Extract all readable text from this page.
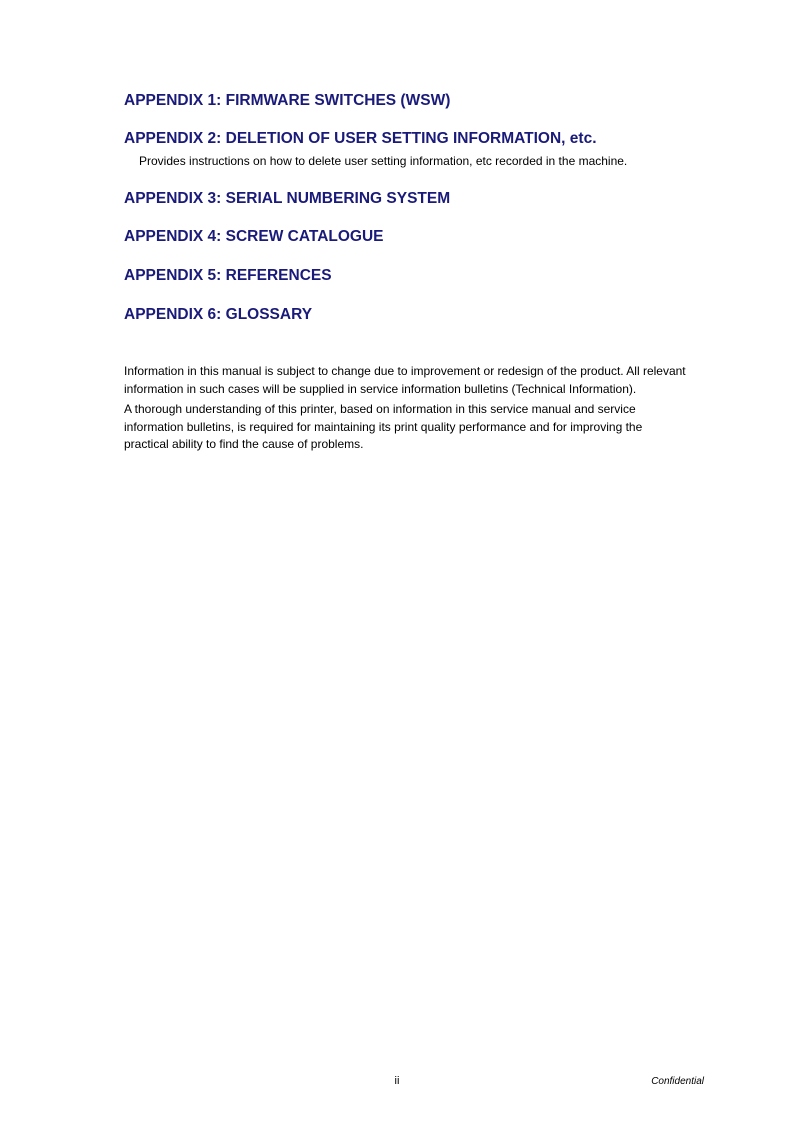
APPENDIX 1: FIRMWARE SWITCHES (WSW)
APPENDIX 2: DELETION OF USER SETTING INFORMATION, etc.

Provides instructions on how to delete user setting information, etc recorded in the machine.

APPENDIX 3: SERIAL NUMBERING SYSTEM
APPENDIX 4: SCREW CATALOGUE
APPENDIX 5: REFERENCES
APPENDIX 6: GLOSSARY

Information in this manual is subject to change due to improvement or redesign of the product. All relevant information in such cases will be supplied in service information bulletins (Technical Information).

A thorough understanding of this printer, based on information in this service manual and service information bulletins, is required for maintaining its print quality performance and for improving the practical ability to find the cause of problems.

ii	Confidential
